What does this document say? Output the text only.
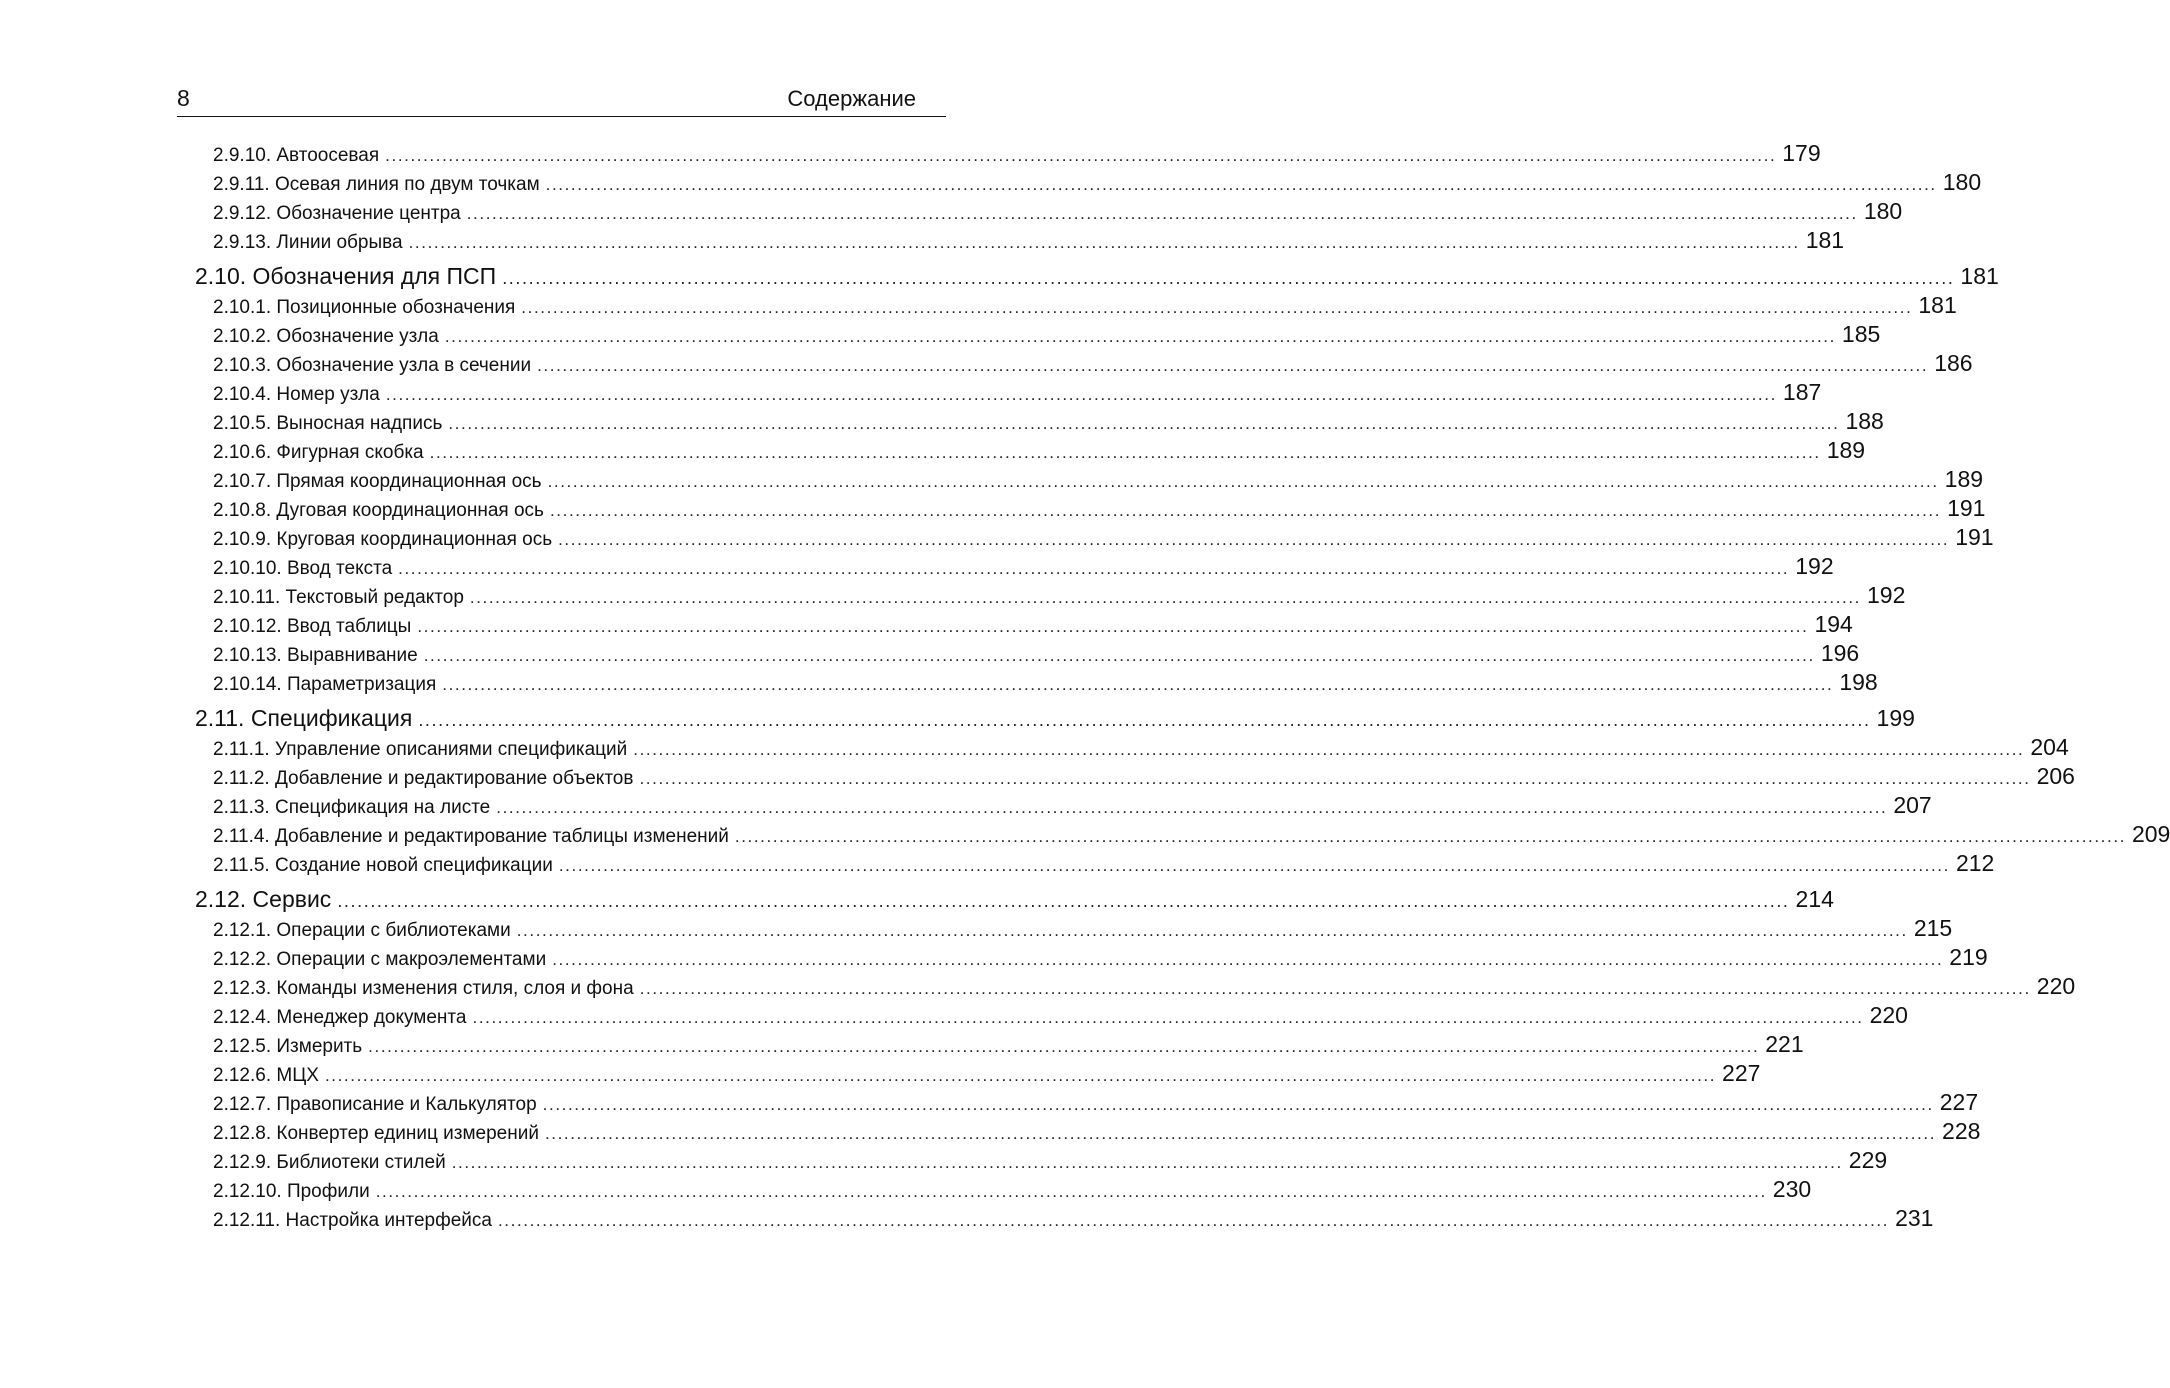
8	Содержание
2.9.10. Автоосевая ............................................................................................................................................................................................................................ 179
2.9.11. Осевая линия по двум точкам ............................................................................................................................................................................................................................ 180
2.9.12. Обозначение центра ............................................................................................................................................................................................................................ 180
2.9.13. Линии обрыва ............................................................................................................................................................................................................................ 181
2.10. Обозначения для ПСП ............................................................................................................................................................................................................................ 181
2.10.1. Позиционные обозначения ............................................................................................................................................................................................................................ 181
2.10.2. Обозначение узла ............................................................................................................................................................................................................................ 185
2.10.3. Обозначение узла в сечении ............................................................................................................................................................................................................................ 186
2.10.4. Номер узла ............................................................................................................................................................................................................................ 187
2.10.5. Выносная надпись ............................................................................................................................................................................................................................ 188
2.10.6. Фигурная скобка ............................................................................................................................................................................................................................ 189
2.10.7. Прямая координационная ось ............................................................................................................................................................................................................................ 189
2.10.8. Дуговая координационная ось ............................................................................................................................................................................................................................ 191
2.10.9. Круговая координационная ось ............................................................................................................................................................................................................................ 191
2.10.10. Ввод текста ............................................................................................................................................................................................................................ 192
2.10.11. Текстовый редактор ............................................................................................................................................................................................................................ 192
2.10.12. Ввод таблицы ............................................................................................................................................................................................................................ 194
2.10.13. Выравнивание ............................................................................................................................................................................................................................ 196
2.10.14. Параметризация ............................................................................................................................................................................................................................ 198
2.11. Спецификация ............................................................................................................................................................................................................................ 199
2.11.1. Управление описаниями спецификаций ............................................................................................................................................................................................................................ 204
2.11.2. Добавление и редактирование объектов ............................................................................................................................................................................................................................ 206
2.11.3. Спецификация на листе ............................................................................................................................................................................................................................ 207
2.11.4. Добавление и редактирование таблицы изменений ............................................................................................................................................................................................................................ 209
2.11.5. Создание новой спецификации ............................................................................................................................................................................................................................ 212
2.12. Сервис ............................................................................................................................................................................................................................ 214
2.12.1. Операции с библиотеками ............................................................................................................................................................................................................................ 215
2.12.2. Операции с макроэлементами ............................................................................................................................................................................................................................ 219
2.12.3. Команды изменения стиля, слоя и фона ............................................................................................................................................................................................................................ 220
2.12.4. Менеджер документа ............................................................................................................................................................................................................................ 220
2.12.5. Измерить ............................................................................................................................................................................................................................ 221
2.12.6. МЦХ ............................................................................................................................................................................................................................ 227
2.12.7. Правописание и Калькулятор ............................................................................................................................................................................................................................ 227
2.12.8. Конвертер единиц измерений ............................................................................................................................................................................................................................ 228
2.12.9. Библиотеки стилей ............................................................................................................................................................................................................................ 229
2.12.10. Профили ............................................................................................................................................................................................................................ 230
2.12.11. Настройка интерфейса ............................................................................................................................................................................................................................ 231
